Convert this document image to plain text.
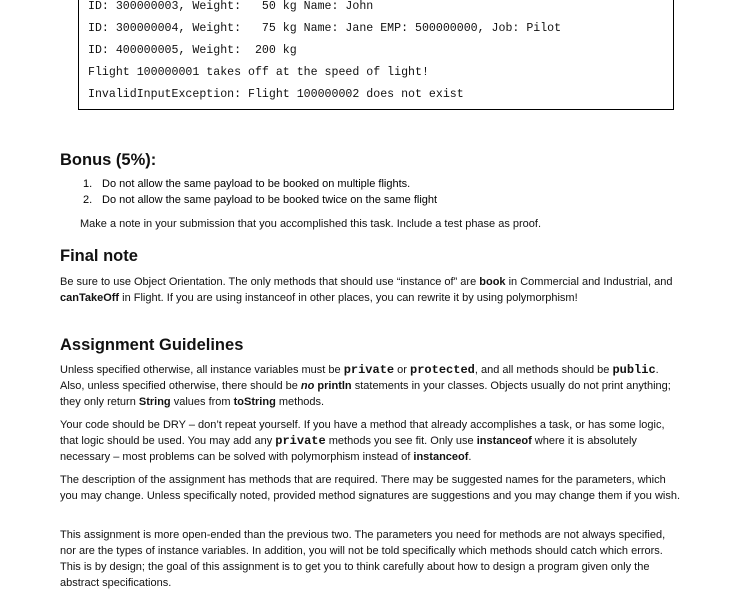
ID: 300000003, Weight:   50 kg Name: John
ID: 300000004, Weight:   75 kg Name: Jane EMP: 500000000, Job: Pilot
ID: 400000005, Weight:  200 kg
Flight 100000001 takes off at the speed of light!
InvalidInputException: Flight 100000002 does not exist
Bonus (5%):
1. Do not allow the same payload to be booked on multiple flights.
2. Do not allow the same payload to be booked twice on the same flight

Make a note in your submission that you accomplished this task. Include a test phase as proof.

Final note

Be sure to use Object Orientation. The only methods that should use “instance of” are book in Commercial and Industrial, and canTakeOff in Flight. If you are using instanceof in other places, you can rewrite it by using polymorphism!

Assignment Guidelines

Unless specified otherwise, all instance variables must be private or protected, and all methods should be public. Also, unless specified otherwise, there should be no println statements in your classes. Objects usually do not print anything; they only return String values from toString methods.

Your code should be DRY – don’t repeat yourself. If you have a method that already accomplishes a task, or has some logic, that logic should be used. You may add any private methods you see fit. Only use instanceof where it is absolutely necessary – most problems can be solved with polymorphism instead of instanceof.

The description of the assignment has methods that are required. There may be suggested names for the parameters, which you may change. Unless specifically noted, provided method signatures are suggestions and you may change them if you wish.

This assignment is more open-ended than the previous two. The parameters you need for methods are not always specified, nor are the types of instance variables. In addition, you will not be told specifically which methods should catch which errors. This is by design; the goal of this assignment is to get you to think carefully about how to design a program given only the abstract specifications.
